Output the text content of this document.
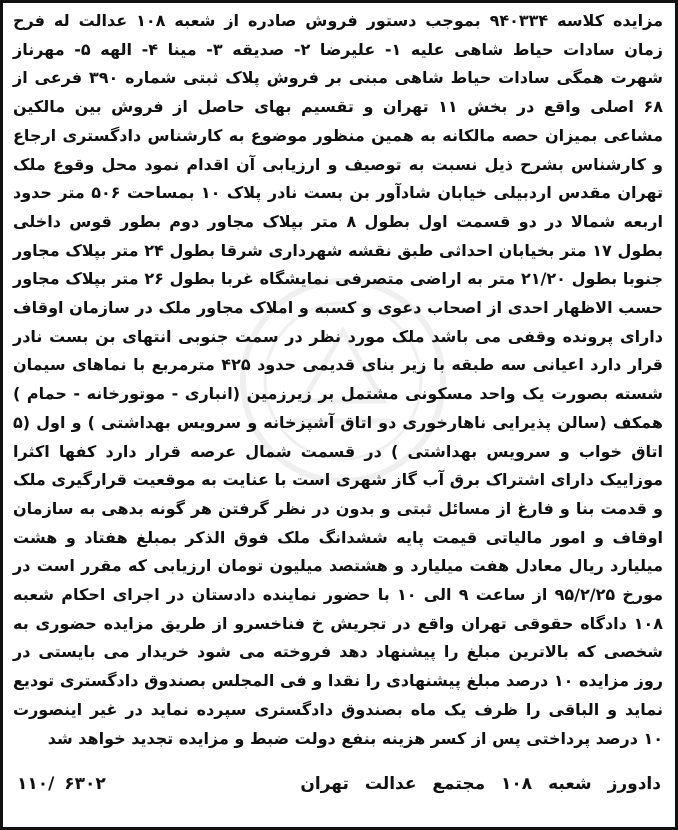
مزایده کلاسه ۹۴۰۳۳۴ بموجب دستور فروش صادره از شعبه ۱۰۸ عدالت له فرح زمان سادات حیاط شاهی علیه ۱- علیرضا ۲- صدیقه ۳- مینا ۴- الهه ۵- مهرناز شهرت همگی سادات حیاط شاهی مبنی بر فروش پلاک ثبتی شماره ۳۹۰ فرعی از ۶۸ اصلی واقع در بخش ۱۱ تهران و تقسیم بهای حاصل از فروش بین مالکین مشاعی بمیزان حصه مالکانه به همین منظور موضوع به کارشناس دادگستری ارجاع و کارشناس بشرح ذیل نسبت به توصیف و ارزیابی آن اقدام نمود محل وقوع ملک تهران مقدس اردبیلی خیابان شادآور بن بست نادر پلاک ۱۰ بمساحت ۵۰۶ متر حدود اربعه شمالا در دو قسمت اول بطول ۸ متر بپلاک مجاور دوم بطور قوس داخلی بطول ۱۷ متر بخیابان احداثی طبق نقشه شهرداری شرقا بطول ۲۴ متر بپلاک مجاور جنوبا بطول ۲۱/۲۰ متر به اراضی متصرفی نمایشگاه غربا بطول ۲۶ متر بپلاک مجاور حسب الاظهار احدی از اصحاب دعوی و کسبه و املاک مجاور ملک در سازمان اوقاف دارای پرونده وقفی می باشد ملک مورد نظر در سمت جنوبی انتهای بن بست نادر قرار دارد اعیانی سه طبقه با زیر بنای قدیمی حدود ۴۲۵ مترمربع با نماهای سیمان شسته بصورت یک واحد مسکونی مشتمل بر زیرزمین (انباری - موتورخانه - حمام ) همکف (سالن پذیرایی ناهارخوری دو اتاق آشپزخانه و سرویس بهداشتی ) و اول (۵ اتاق خواب و سرویس بهداشتی ) در قسمت شمال عرصه قرار دارد کفها اکثرا موزاییک دارای اشتراک برق آب گاز شهری است با عنایت به موقعیت قرارگیری ملک و قدمت بنا و فارغ از مسائل ثبتی و بدون در نظر گرفتن هر گونه بدهی به سازمان اوقاف و امور مالیاتی قیمت پایه ششدانگ ملک فوق الذکر بمبلغ هفتاد و هشت میلیارد ریال معادل هفت میلیارد و هشتصد میلیون تومان ارزیابی که مقرر است در مورخ ۹۵/۲/۲۵ از ساعت ۹ الی ۱۰ با حضور نماینده دادستان در اجرای احکام شعبه ۱۰۸ دادگاه حقوقی تهران واقع در تجریش خ فناخسرو از طریق مزایده حضوری به شخصی که بالاترین مبلغ را پیشنهاد دهد فروخته می شود خریدار می بایستی در روز مزایده ۱۰ درصد مبلغ پیشنهادی را نقدا و فی المجلس بصندوق دادگستری تودیع نماید و الباقی را ظرف یک ماه بصندوق دادگستری سپرده نماید در غیر اینصورت ۱۰ درصد پرداختی پس از کسر هزینه بنفع دولت ضبط و مزایده تجدید خواهد شد
دادورز شعبه ۱۰۸ مجتمع عدالت تهران
۱۱۰/ ۶۳۰۲
